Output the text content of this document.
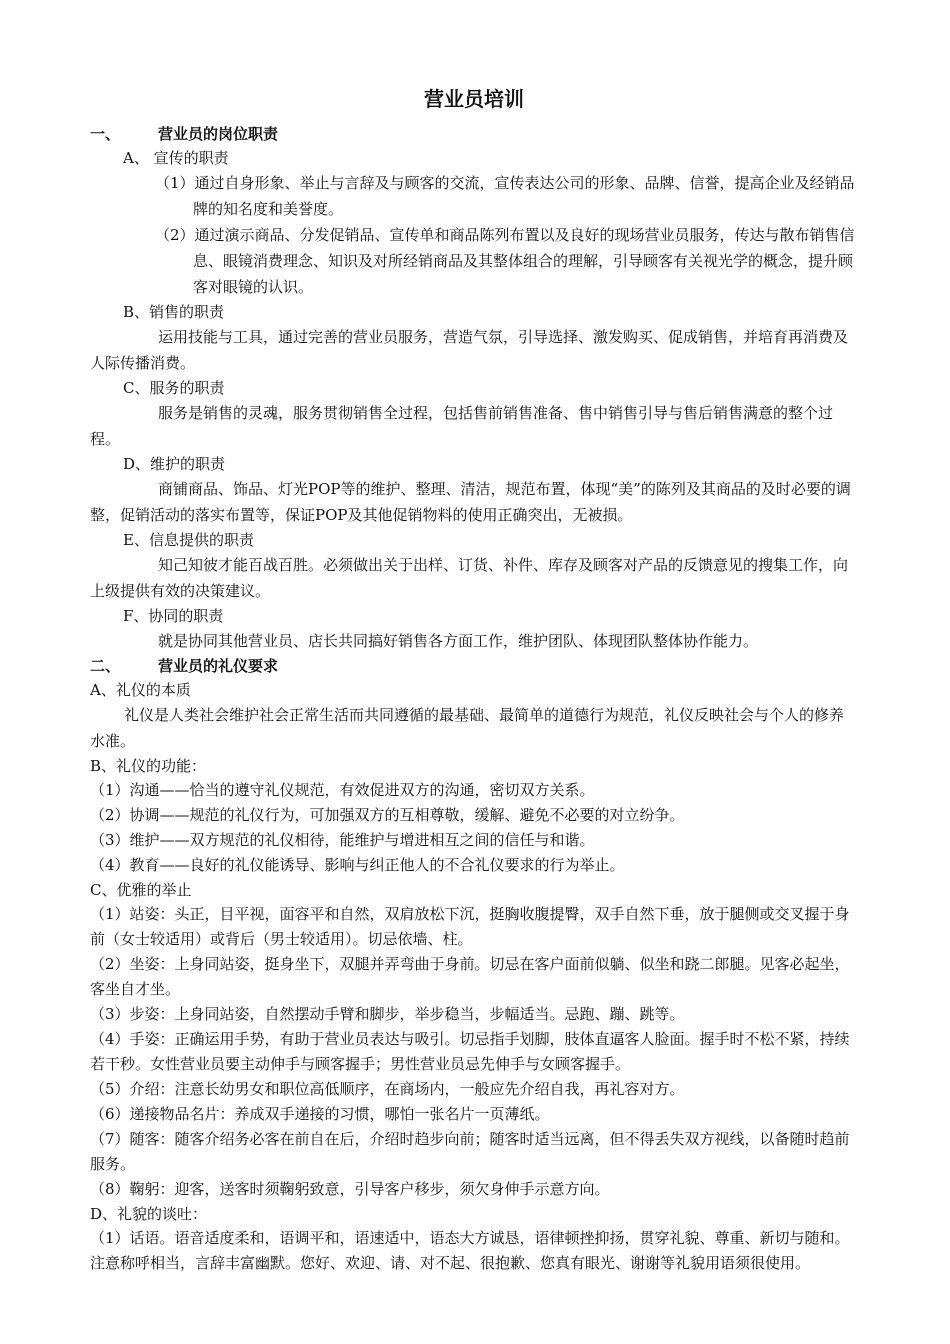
营业员培训
一、	营业员的岗位职责
A、 宣传的职责

（1）通过自身形象、举止与言辞及与顾客的交流，宣传表达公司的形象、品牌、信誉，提高企业及经销品牌的知名度和美誉度。

（2）通过演示商品、分发促销品、宣传单和商品陈列布置以及良好的现场营业员服务，传达与散布销售信息、眼镜消费理念、知识及对所经销商品及其整体组合的理解，引导顾客有关视光学的概念，提升顾客对眼镜的认识。

B、销售的职责

运用技能与工具，通过完善的营业员服务，营造气氛，引导选择、激发购买、促成销售，并培育再消费及人际传播消费。

C、服务的职责

服务是销售的灵魂，服务贯彻销售全过程，包括售前销售准备、售中销售引导与售后销售满意的整个过程。

D、维护的职责

商铺商品、饰品、灯光POP等的维护、整理、清洁，规范布置，体现“美”的陈列及其商品的及时必要的调整，促销活动的落实布置等，保证POP及其他促销物料的使用正确突出，无被损。

E、信息提供的职责

知己知彼才能百战百胜。必须做出关于出样、订货、补件、库存及顾客对产品的反馈意见的搜集工作，向上级提供有效的决策建议。

F、协同的职责

就是协同其他营业员、店长共同搞好销售各方面工作，维护团队、体现团队整体协作能力。

二、	营业员的礼仪要求
A、礼仪的本质

礼仪是人类社会维护社会正常生活而共同遵循的最基础、最简单的道德行为规范，礼仪反映社会与个人的修养水准。

B、礼仪的功能：

（1）沟通——恰当的遵守礼仪规范，有效促进双方的沟通，密切双方关系。

（2）协调——规范的礼仪行为，可加强双方的互相尊敬，缓解、避免不必要的对立纷争。

（3）维护——双方规范的礼仪相待，能维护与增进相互之间的信任与和谐。

（4）教育——良好的礼仪能诱导、影响与纠正他人的不合礼仪要求的行为举止。

C、优雅的举止

（1）站姿：头正，目平视，面容平和自然，双肩放松下沉，挺胸收腹提臀，双手自然下垂，放于腿侧或交叉握于身前（女士较适用）或背后（男士较适用）。切忌依墙、柱。

（2）坐姿：上身同站姿，挺身坐下，双腿并弄弯曲于身前。切忌在客户面前似躺、似坐和跷二郎腿。见客必起坐，客坐自才坐。

（3）步姿：上身同站姿，自然摆动手臂和脚步，举步稳当，步幅适当。忌跑、蹦、跳等。

（4）手姿：正确运用手势，有助于营业员表达与吸引。切忌指手划脚，肢体直逼客人脸面。握手时不松不紧，持续若干秒。女性营业员要主动伸手与顾客握手；男性营业员忌先伸手与女顾客握手。

（5）介绍：注意长幼男女和职位高低顺序，在商场内，一般应先介绍自我，再礼容对方。

（6）递接物品名片：养成双手递接的习惯，哪怕一张名片一页薄纸。

（7）随客：随客介绍务必客在前自在后，介绍时趋步向前；随客时适当远离，但不得丢失双方视线，以备随时趋前服务。

（8）鞠躬：迎客，送客时须鞠躬致意，引导客户移步，须欠身伸手示意方向。

D、礼貌的谈吐：

（1）话语。语音适度柔和，语调平和，语速适中，语态大方诚恳，语律顿挫抑扬，贯穿礼貌、尊重、新切与随和。注意称呼相当，言辞丰富幽默。您好、欢迎、请、对不起、很抱歉、您真有眼光、谢谢等礼貌用语须很使用。
